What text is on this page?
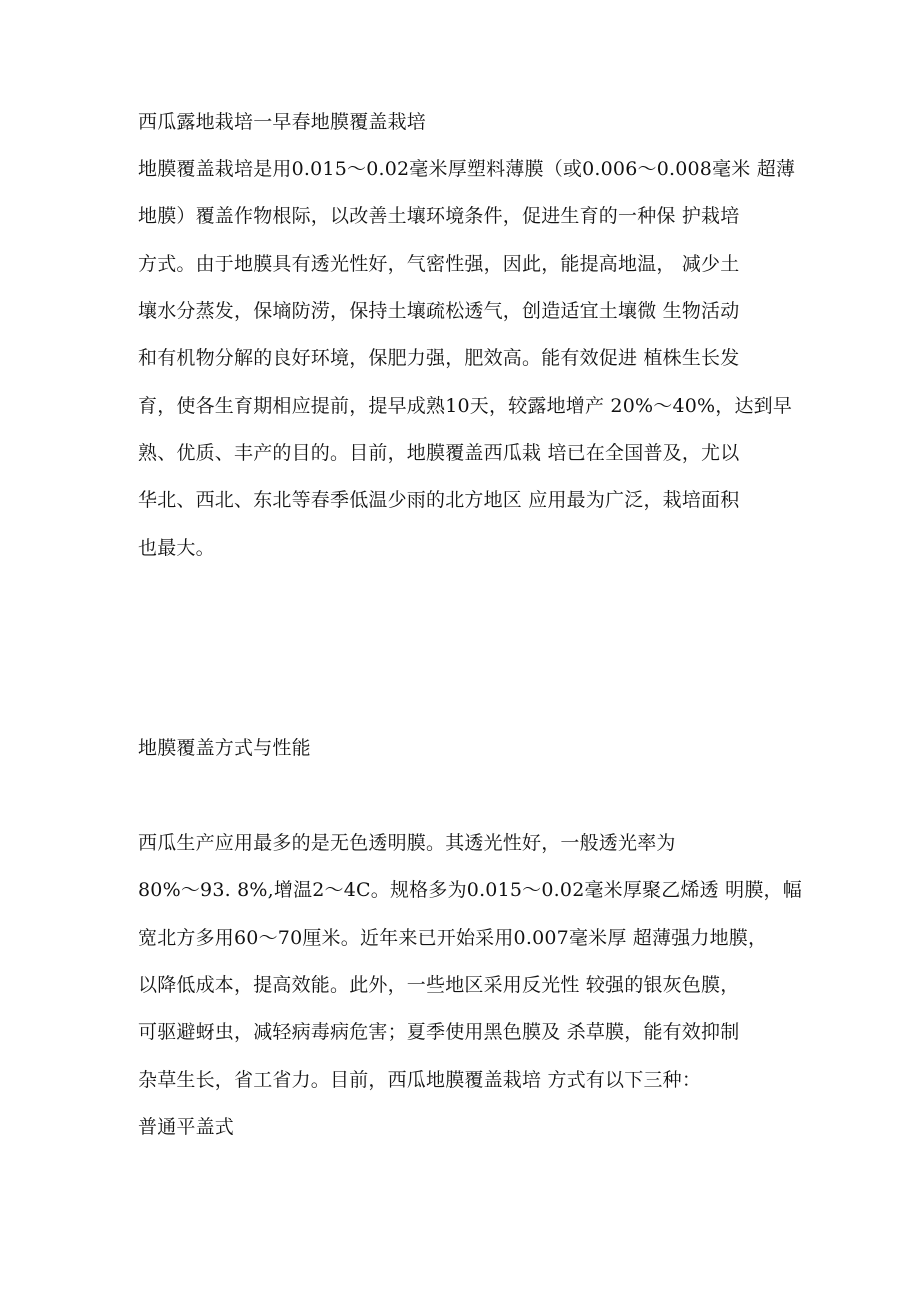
西瓜露地栽培一早春地膜覆盖栽培
地膜覆盖栽培是用0.015〜0.02毫米厚塑料薄膜（或0.006〜0.008毫米 超薄
地膜）覆盖作物根际，以改善土壤环境条件，促进生育的一种保 护栽培
方式。由于地膜具有透光性好，气密性强，因此，能提高地温， 减少土
壤水分蒸发，保墒防涝，保持土壤疏松透气，创造适宜土壤微 生物活动
和有机物分解的良好环境，保肥力强，肥效高。能有效促进 植株生长发
育，使各生育期相应提前，提早成熟10天，较露地增产 20%〜40%，达到早
熟、优质、丰产的目的。目前，地膜覆盖西瓜栽 培已在全国普及，尤以
华北、西北、东北等春季低温少雨的北方地区 应用最为广泛，栽培面积
也最大。
地膜覆盖方式与性能
西瓜生产应用最多的是无色透明膜。其透光性好，一般透光率为
80%〜93. 8%,增温2〜4C。规格多为0.015〜0.02毫米厚聚乙烯透 明膜，幅
宽北方多用60〜70厘米。近年来已开始采用0.007毫米厚 超薄强力地膜，
以降低成本，提高效能。此外，一些地区采用反光性 较强的银灰色膜，
可驱避蚜虫，减轻病毒病危害；夏季使用黑色膜及 杀草膜，能有效抑制
杂草生长，省工省力。目前，西瓜地膜覆盖栽培 方式有以下三种：
普通平盖式
